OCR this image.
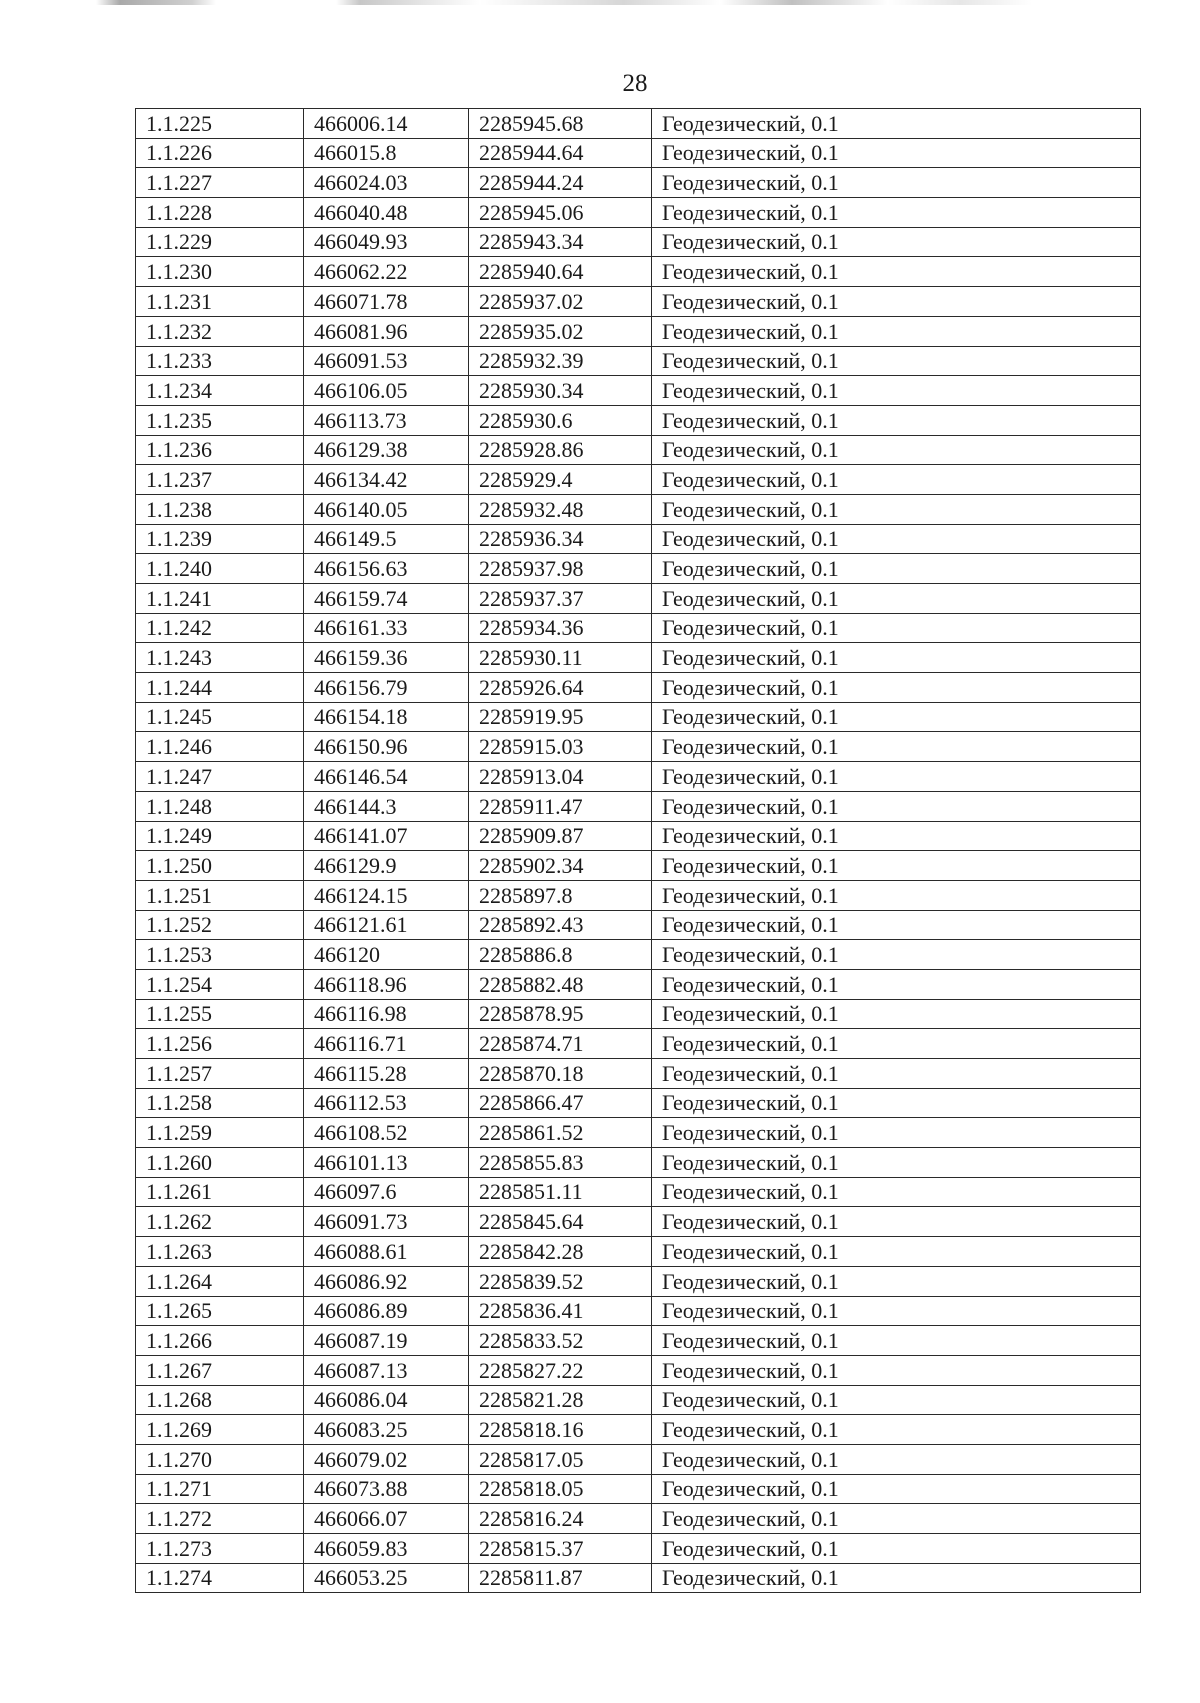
28
1.1.225	466006.14	2285945.68	Геодезический, 0.1
1.1.226	466015.8	2285944.64	Геодезический, 0.1
1.1.227	466024.03	2285944.24	Геодезический, 0.1
1.1.228	466040.48	2285945.06	Геодезический, 0.1
1.1.229	466049.93	2285943.34	Геодезический, 0.1
1.1.230	466062.22	2285940.64	Геодезический, 0.1
1.1.231	466071.78	2285937.02	Геодезический, 0.1
1.1.232	466081.96	2285935.02	Геодезический, 0.1
1.1.233	466091.53	2285932.39	Геодезический, 0.1
1.1.234	466106.05	2285930.34	Геодезический, 0.1
1.1.235	466113.73	2285930.6	Геодезический, 0.1
1.1.236	466129.38	2285928.86	Геодезический, 0.1
1.1.237	466134.42	2285929.4	Геодезический, 0.1
1.1.238	466140.05	2285932.48	Геодезический, 0.1
1.1.239	466149.5	2285936.34	Геодезический, 0.1
1.1.240	466156.63	2285937.98	Геодезический, 0.1
1.1.241	466159.74	2285937.37	Геодезический, 0.1
1.1.242	466161.33	2285934.36	Геодезический, 0.1
1.1.243	466159.36	2285930.11	Геодезический, 0.1
1.1.244	466156.79	2285926.64	Геодезический, 0.1
1.1.245	466154.18	2285919.95	Геодезический, 0.1
1.1.246	466150.96	2285915.03	Геодезический, 0.1
1.1.247	466146.54	2285913.04	Геодезический, 0.1
1.1.248	466144.3	2285911.47	Геодезический, 0.1
1.1.249	466141.07	2285909.87	Геодезический, 0.1
1.1.250	466129.9	2285902.34	Геодезический, 0.1
1.1.251	466124.15	2285897.8	Геодезический, 0.1
1.1.252	466121.61	2285892.43	Геодезический, 0.1
1.1.253	466120	2285886.8	Геодезический, 0.1
1.1.254	466118.96	2285882.48	Геодезический, 0.1
1.1.255	466116.98	2285878.95	Геодезический, 0.1
1.1.256	466116.71	2285874.71	Геодезический, 0.1
1.1.257	466115.28	2285870.18	Геодезический, 0.1
1.1.258	466112.53	2285866.47	Геодезический, 0.1
1.1.259	466108.52	2285861.52	Геодезический, 0.1
1.1.260	466101.13	2285855.83	Геодезический, 0.1
1.1.261	466097.6	2285851.11	Геодезический, 0.1
1.1.262	466091.73	2285845.64	Геодезический, 0.1
1.1.263	466088.61	2285842.28	Геодезический, 0.1
1.1.264	466086.92	2285839.52	Геодезический, 0.1
1.1.265	466086.89	2285836.41	Геодезический, 0.1
1.1.266	466087.19	2285833.52	Геодезический, 0.1
1.1.267	466087.13	2285827.22	Геодезический, 0.1
1.1.268	466086.04	2285821.28	Геодезический, 0.1
1.1.269	466083.25	2285818.16	Геодезический, 0.1
1.1.270	466079.02	2285817.05	Геодезический, 0.1
1.1.271	466073.88	2285818.05	Геодезический, 0.1
1.1.272	466066.07	2285816.24	Геодезический, 0.1
1.1.273	466059.83	2285815.37	Геодезический, 0.1
1.1.274	466053.25	2285811.87	Геодезический, 0.1
